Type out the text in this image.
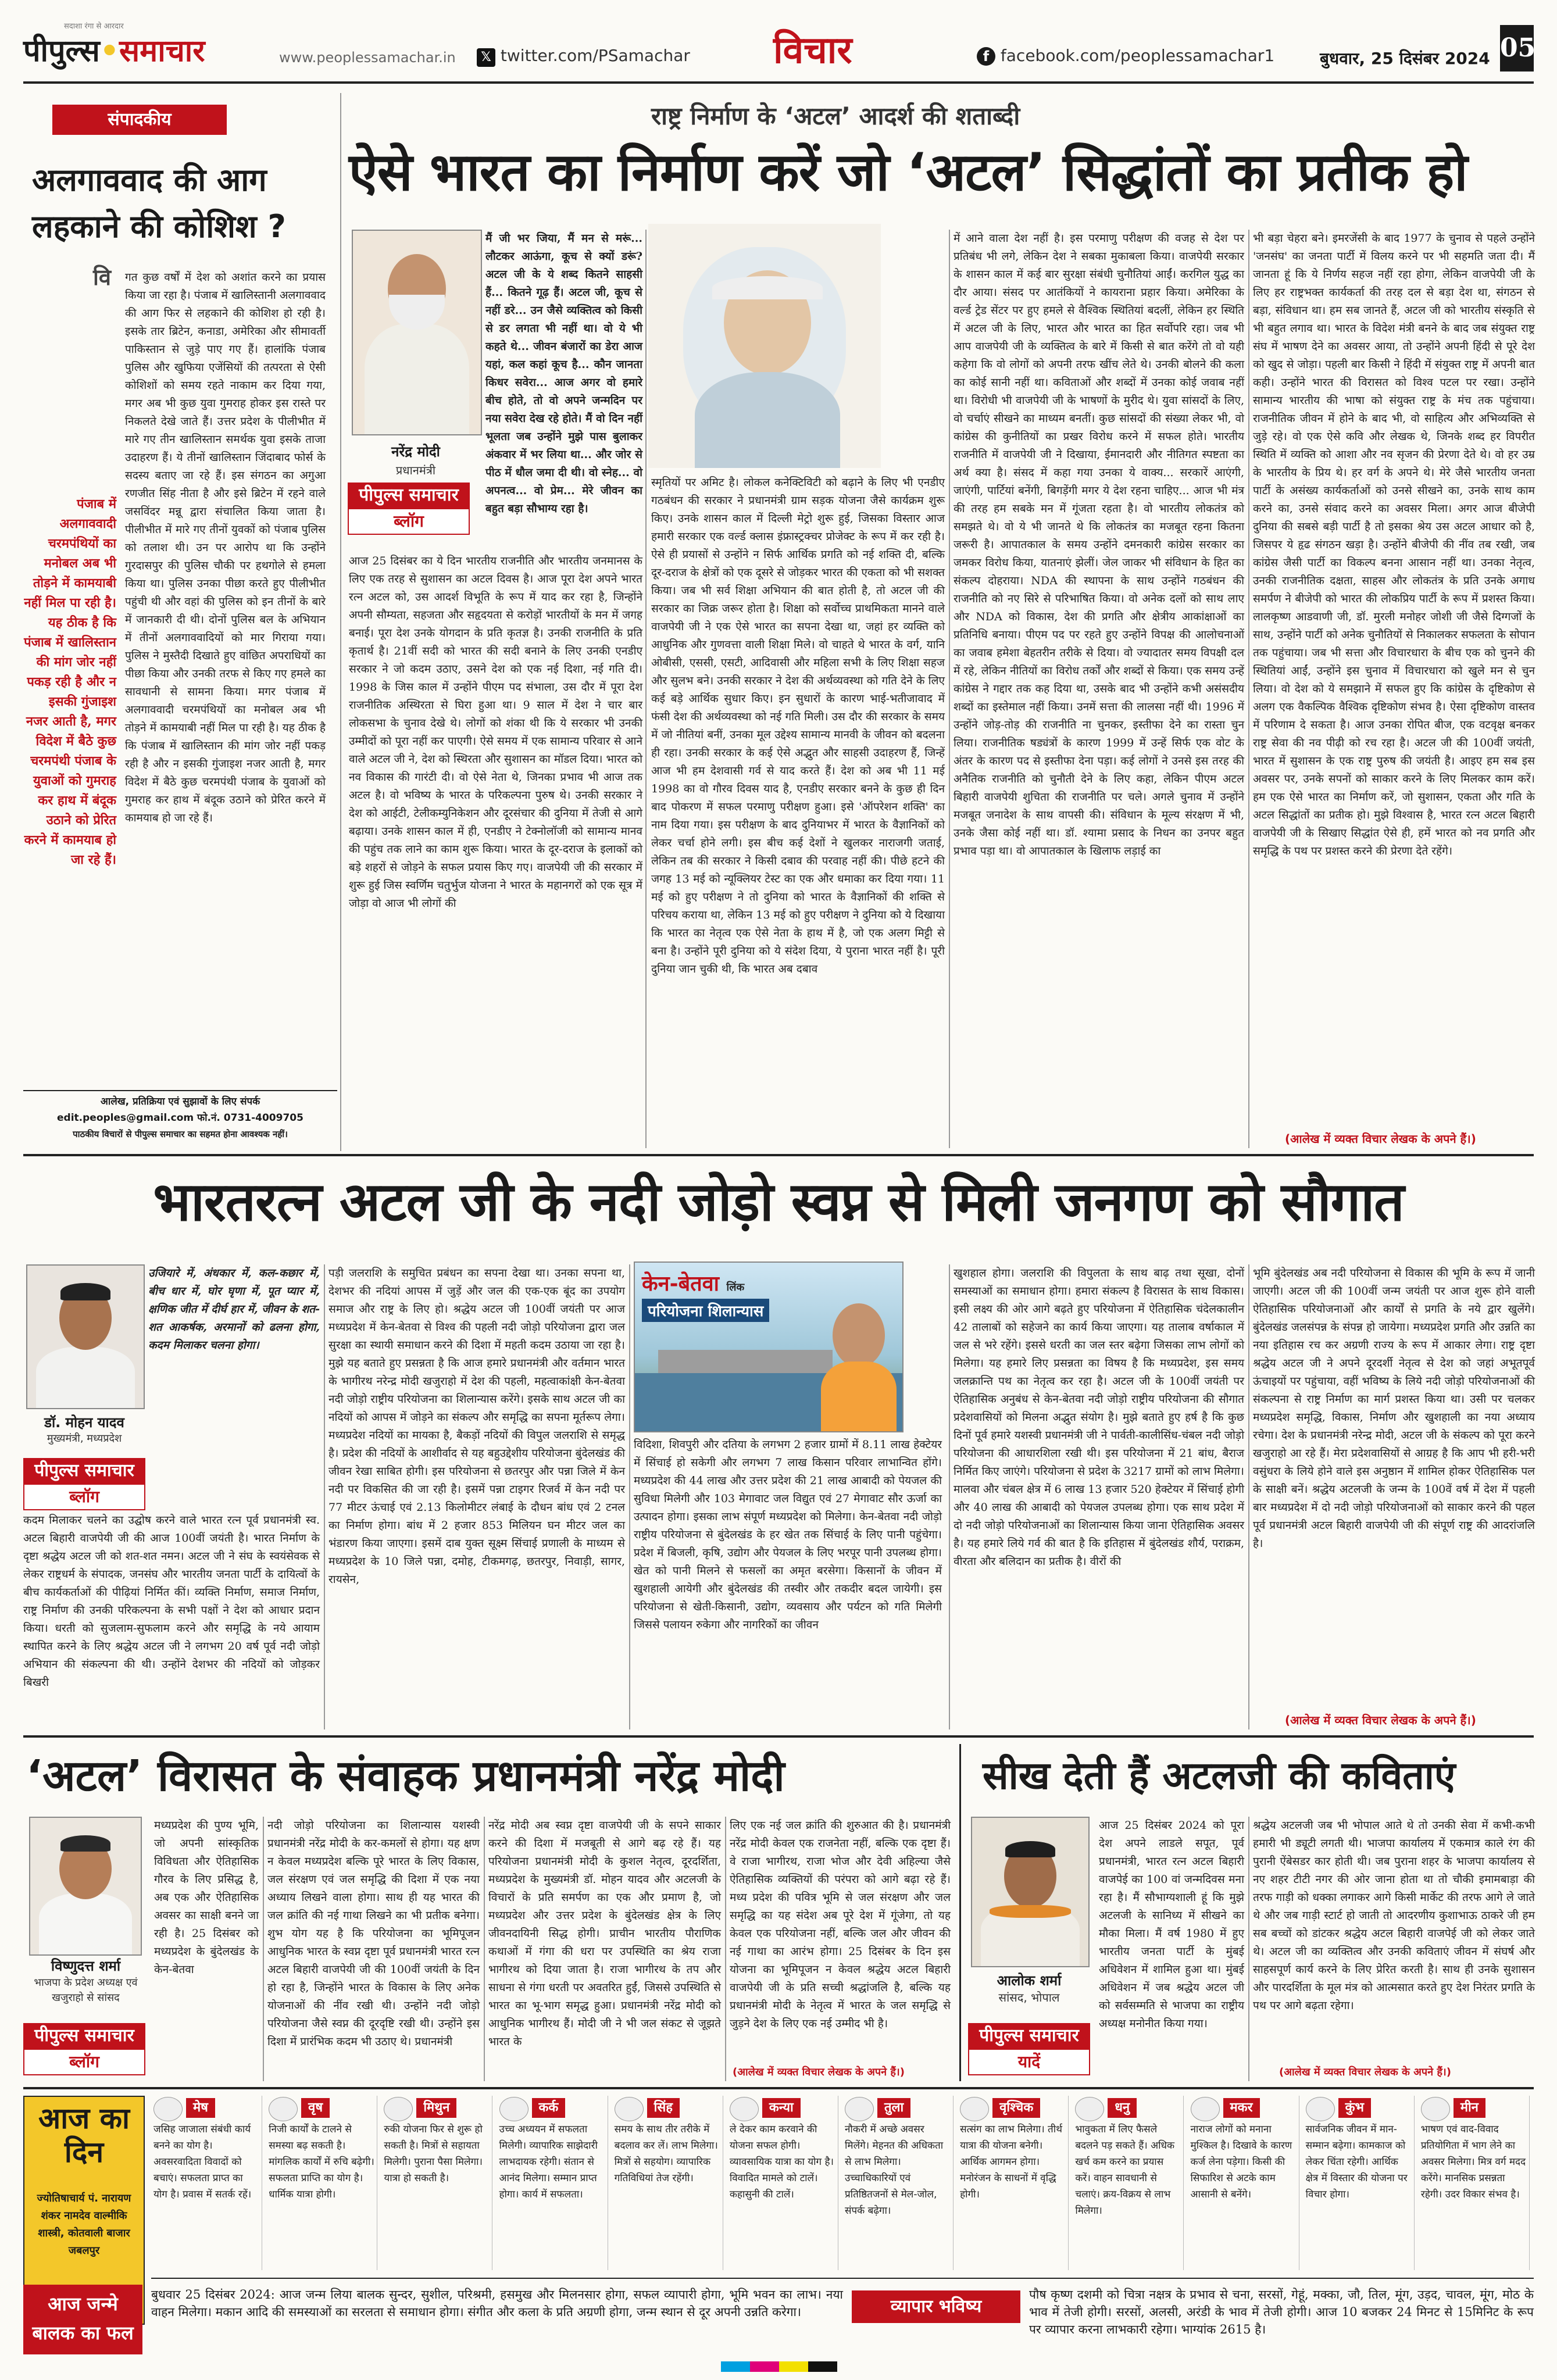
पीपुल्स•समाचार
सदाशा रंगा से आरदार
www.peoplessamachar.in	𝕏 twitter.com/PSamachar विचार	f facebook.com/peoplessamachar1	बुधवार, 25 दिसंबर 2024 05
संपादकीय
अलगाववाद की आग लहकाने की कोशिश ?
वि गत कुछ वर्षों में देश को अशांत करने का प्रयास किया जा रहा है। पंजाब में खालिस्तानी अलगाववाद की आग फिर से लहकाने की कोशिश हो रही है। इसके तार ब्रिटेन, कनाडा, अमेरिका और सीमावर्ती पाकिस्तान से जुड़े पाए गए हैं। हालांकि पंजाब पुलिस और खुफिया एजेंसियों की तत्परता से ऐसी कोशिशों को समय रहते नाकाम कर दिया गया, मगर अब भी कुछ युवा गुमराह होकर इस रास्ते पर निकलते देखे जाते हैं। उत्तर प्रदेश के पीलीभीत में मारे गए तीन खालिस्तान समर्थक युवा इसके ताजा उदाहरण हैं। ये तीनों खालिस्तान जिंदाबाद फोर्स के सदस्य बताए जा रहे हैं। इस संगठन का अगुआ रणजीत सिंह नीता है और इसे ब्रिटेन में रहने वाले जसविंदर मन्नू द्वारा संचालित किया जाता है। पीलीभीत में मारे गए तीनों युवकों को पंजाब पुलिस को तलाश थी। उन पर आरोप था कि उन्होंने गुरदासपुर की पुलिस चौकी पर हथगोले से हमला किया था। पुलिस उनका पीछा करते हुए पीलीभीत पहुंची थी और वहां की पुलिस को इन तीनों के बारे में जानकारी दी थी। दोनों पुलिस बल के अभियान में तीनों अलगाववादियों को मार गिराया गया। पुलिस ने मुस्तैदी दिखाते हुए वांछित अपराधियों का पीछा किया और उनकी तरफ से किए गए हमले का सावधानी से सामना किया। मगर पंजाब में अलगाववादी चरमपंथियों का मनोबल अब भी तोड़ने में कामयाबी नहीं मिल पा रही है। यह ठीक है कि पंजाब में खालिस्तान की मांग जोर नहीं पकड़ रही है और न इसकी गुंजाइश नजर आती है, मगर विदेश में बैठे कुछ चरमपंथी पंजाब के युवाओं को गुमराह कर हाथ में बंदूक उठाने को प्रेरित करने में कामयाब हो जा रहे हैं।
पंजाब में अलगाववादी चरमपंथियों का मनोबल अब भी तोड़ने में कामयाबी नहीं मिल पा रही है। यह ठीक है कि पंजाब में खालिस्तान की मांग जोर नहीं पकड़ रही है और न इसकी गुंजाइश नजर आती है, मगर विदेश में बैठे कुछ चरमपंथी पंजाब के युवाओं को गुमराह कर हाथ में बंदूक उठाने को प्रेरित करने में कामयाब हो जा रहे हैं।
आलेख, प्रतिक्रिया एवं सुझावों के लिए संपर्क
edit.peoples@gmail.com फो.नं. 0731-4009705
पाठकीय विचारों से पीपुल्स समाचार का सहमत होना आवश्यक नहीं।
राष्ट्र निर्माण के ‘अटल’ आदर्श की शताब्दी
ऐसे भारत का निर्माण करें जो ‘अटल’ सिद्धांतों का प्रतीक हो
नरेंद्र मोदी
प्रधानमंत्री
पीपुल्स समाचार
ब्लॉग
मैं जी भर जिया, मैं मन से मरूं... लौटकर आऊंगा, कूच से क्यों डरूं? अटल जी के ये शब्द कितने साहसी हैं... कितने गूढ़ हैं। अटल जी, कूच से नहीं डरे... उन जैसे व्यक्तित्व को किसी से डर लगता भी नहीं था। वो ये भी कहते थे... जीवन बंजारों का डेरा आज यहां, कल कहां कूच है... कौन जानता किधर सवेरा... आज अगर वो हमारे बीच होते, तो वो अपने जन्मदिन पर नया सवेरा देख रहे होते। मैं वो दिन नहीं भूलता जब उन्होंने मुझे पास बुलाकर अंकवार में भर लिया था... और जोर से पीठ में धौल जमा दी थी। वो स्नेह... वो अपनत्व... वो प्रेम... मेरे जीवन का बहुत बड़ा सौभाग्य रहा है।
आज 25 दिसंबर का ये दिन भारतीय राजनीति और भारतीय जनमानस के लिए एक तरह से सुशासन का अटल दिवस है। आज पूरा देश अपने भारत रत्न अटल को, उस आदर्श विभूति के रूप में याद कर रहा है, जिन्होंने अपनी सौम्यता, सहजता और सहृदयता से करोड़ों भारतीयों के मन में जगह बनाई। पूरा देश उनके योगदान के प्रति कृतज्ञ है। उनकी राजनीति के प्रति कृतार्थ है। 21वीं सदी को भारत की सदी बनाने के लिए उनकी एनडीए सरकार ने जो कदम उठाए, उसने देश को एक नई दिशा, नई गति दी। 1998 के जिस काल में उन्होंने पीएम पद संभाला, उस दौर में पूरा देश राजनीतिक अस्थिरता से घिरा हुआ था। 9 साल में देश ने चार बार लोकसभा के चुनाव देखे थे। लोगों को शंका थी कि ये सरकार भी उनकी उम्मीदों को पूरा नहीं कर पाएगी। ऐसे समय में एक सामान्य परिवार से आने वाले अटल जी ने, देश को स्थिरता और सुशासन का मॉडल दिया। भारत को नव विकास की गारंटी दी। वो ऐसे नेता थे, जिनका प्रभाव भी आज तक अटल है। वो भविष्य के भारत के परिकल्पना पुरुष थे। उनकी सरकार ने देश को आईटी, टेलीकम्युनिकेशन और दूरसंचार की दुनिया में तेजी से आगे बढ़ाया। उनके शासन काल में ही, एनडीए ने टेक्नोलॉजी को सामान्य मानव की पहुंच तक लाने का काम शुरू किया। भारत के दूर-दराज के इलाकों को बड़े शहरों से जोड़ने के सफल प्रयास किए गए। वाजपेयी जी की सरकार में शुरू हुई जिस स्वर्णिम चतुर्भुज योजना ने भारत के महानगरों को एक सूत्र में जोड़ा वो आज भी लोगों की
स्मृतियों पर अमिट है। लोकल कनेक्टिविटी को बढ़ाने के लिए भी एनडीए गठबंधन की सरकार ने प्रधानमंत्री ग्राम सड़क योजना जैसे कार्यक्रम शुरू किए। उनके शासन काल में दिल्ली मेट्रो शुरू हुई, जिसका विस्तार आज हमारी सरकार एक वर्ल्ड क्लास इंफ्रास्ट्रक्चर प्रोजेक्ट के रूप में कर रही है। ऐसे ही प्रयासों से उन्होंने न सिर्फ आर्थिक प्रगति को नई शक्ति दी, बल्कि दूर-दराज के क्षेत्रों को एक दूसरे से जोड़कर भारत की एकता को भी सशक्त किया। जब भी सर्व शिक्षा अभियान की बात होती है, तो अटल जी की सरकार का जिक्र जरूर होता है। शिक्षा को सर्वोच्च प्राथमिकता मानने वाले वाजपेयी जी ने एक ऐसे भारत का सपना देखा था, जहां हर व्यक्ति को आधुनिक और गुणवत्ता वाली शिक्षा मिले। वो चाहते थे भारत के वर्ग, यानि ओबीसी, एससी, एसटी, आदिवासी और महिला सभी के लिए शिक्षा सहज और सुलभ बने। उनकी सरकार ने देश की अर्थव्यवस्था को गति देने के लिए कई बड़े आर्थिक सुधार किए। इन सुधारों के कारण भाई-भतीजावाद में फंसी देश की अर्थव्यवस्था को नई गति मिली। उस दौर की सरकार के समय में जो नीतियां बनीं, उनका मूल उद्देश्य सामान्य मानवी के जीवन को बदलना ही रहा। उनकी सरकार के कई ऐसे अद्भुत और साहसी उदाहरण हैं, जिन्हें आज भी हम देशवासी गर्व से याद करते हैं। देश को अब भी 11 मई 1998 का वो गौरव दिवस याद है, एनडीए सरकार बनने के कुछ ही दिन बाद पोकरण में सफल परमाणु परीक्षण हुआ। इसे 'ऑपरेशन शक्ति' का नाम दिया गया। इस परीक्षण के बाद दुनियाभर में भारत के वैज्ञानिकों को लेकर चर्चा होने लगी। इस बीच कई देशों ने खुलकर नाराजगी जताई, लेकिन तब की सरकार ने किसी दबाव की परवाह नहीं की। पीछे हटने की जगह 13 मई को न्यूक्लियर टेस्ट का एक और धमाका कर दिया गया। 11 मई को हुए परीक्षण ने तो दुनिया को भारत के वैज्ञानिकों की शक्ति से परिचय कराया था, लेकिन 13 मई को हुए परीक्षण ने दुनिया को ये दिखाया कि भारत का नेतृत्व एक ऐसे नेता के हाथ में है, जो एक अलग मिट्टी से बना है। उन्होंने पूरी दुनिया को ये संदेश दिया, ये पुराना भारत नहीं है। पूरी दुनिया जान चुकी थी, कि भारत अब दबाव
में आने वाला देश नहीं है। इस परमाणु परीक्षण की वजह से देश पर प्रतिबंध भी लगे, लेकिन देश ने सबका मुकाबला किया। वाजपेयी सरकार के शासन काल में कई बार सुरक्षा संबंधी चुनौतियां आईं। करगिल युद्ध का दौर आया। संसद पर आतंकियों ने कायराना प्रहार किया। अमेरिका के वर्ल्ड ट्रेड सेंटर पर हुए हमले से वैश्विक स्थितियां बदलीं, लेकिन हर स्थिति में अटल जी के लिए, भारत और भारत का हित सर्वोपरि रहा। जब भी आप वाजपेयी जी के व्यक्तित्व के बारे में किसी से बात करेंगे तो वो यही कहेगा कि वो लोगों को अपनी तरफ खींच लेते थे। उनकी बोलने की कला का कोई सानी नहीं था। कविताओं और शब्दों में उनका कोई जवाब नहीं था। विरोधी भी वाजपेयी जी के भाषणों के मुरीद थे। युवा सांसदों के लिए, वो चर्चाएं सीखने का माध्यम बनतीं। कुछ सांसदों की संख्या लेकर भी, वो कांग्रेस की कुनीतियों का प्रखर विरोध करने में सफल होते। भारतीय राजनीति में वाजपेयी जी ने दिखाया, ईमानदारी और नीतिगत स्पष्टता का अर्थ क्या है। संसद में कहा गया उनका ये वाक्य... सरकारें आएंगी, जाएंगी, पार्टियां बनेंगी, बिगड़ेंगी मगर ये देश रहना चाहिए... आज भी मंत्र की तरह हम सबके मन में गूंजता रहता है। वो भारतीय लोकतंत्र को समझते थे। वो ये भी जानते थे कि लोकतंत्र का मजबूत रहना कितना जरूरी है। आपातकाल के समय उन्होंने दमनकारी कांग्रेस सरकार का जमकर विरोध किया, यातनाएं झेलीं। जेल जाकर भी संविधान के हित का संकल्प दोहराया। NDA की स्थापना के साथ उन्होंने गठबंधन की राजनीति को नए सिरे से परिभाषित किया। वो अनेक दलों को साथ लाए और NDA को विकास, देश की प्रगति और क्षेत्रीय आकांक्षाओं का प्रतिनिधि बनाया। पीएम पद पर रहते हुए उन्होंने विपक्ष की आलोचनाओं का जवाब हमेशा बेहतरीन तरीके से दिया। वो ज्यादातर समय विपक्षी दल में रहे, लेकिन नीतियों का विरोध तर्कों और शब्दों से किया। एक समय उन्हें कांग्रेस ने गद्दार तक कह दिया था, उसके बाद भी उन्होंने कभी असंसदीय शब्दों का इस्तेमाल नहीं किया। उनमें सत्ता की लालसा नहीं थी। 1996 में उन्होंने जोड़-तोड़ की राजनीति ना चुनकर, इस्तीफा देने का रास्ता चुन लिया। राजनीतिक षड्यंत्रों के कारण 1999 में उन्हें सिर्फ एक वोट के अंतर के कारण पद से इस्तीफा देना पड़ा। कई लोगों ने उनसे इस तरह की अनैतिक राजनीति को चुनौती देने के लिए कहा, लेकिन पीएम अटल बिहारी वाजपेयी शुचिता की राजनीति पर चले। अगले चुनाव में उन्होंने मजबूत जनादेश के साथ वापसी की। संविधान के मूल्य संरक्षण में भी, उनके जैसा कोई नहीं था। डॉ. श्यामा प्रसाद के निधन का उनपर बहुत प्रभाव पड़ा था। वो आपातकाल के खिलाफ लड़ाई का
भी बड़ा चेहरा बने। इमरजेंसी के बाद 1977 के चुनाव से पहले उन्होंने 'जनसंघ' का जनता पार्टी में विलय करने पर भी सहमति जता दी। मैं जानता हूं कि ये निर्णय सहज नहीं रहा होगा, लेकिन वाजपेयी जी के लिए हर राष्ट्रभक्त कार्यकर्ता की तरह दल से बड़ा देश था, संगठन से बड़ा, संविधान था। हम सब जानते हैं, अटल जी को भारतीय संस्कृति से भी बहुत लगाव था। भारत के विदेश मंत्री बनने के बाद जब संयुक्त राष्ट्र संघ में भाषण देने का अवसर आया, तो उन्होंने अपनी हिंदी से पूरे देश को खुद से जोड़ा। पहली बार किसी ने हिंदी में संयुक्त राष्ट्र में अपनी बात कही। उन्होंने भारत की विरासत को विश्व पटल पर रखा। उन्होंने सामान्य भारतीय की भाषा को संयुक्त राष्ट्र के मंच तक पहुंचाया। राजनीतिक जीवन में होने के बाद भी, वो साहित्य और अभिव्यक्ति से जुड़े रहे। वो एक ऐसे कवि और लेखक थे, जिनके शब्द हर विपरीत स्थिति में व्यक्ति को आशा और नव सृजन की प्रेरणा देते थे। वो हर उम्र के भारतीय के प्रिय थे। हर वर्ग के अपने थे। मेरे जैसे भारतीय जनता पार्टी के असंख्य कार्यकर्ताओं को उनसे सीखने का, उनके साथ काम करने का, उनसे संवाद करने का अवसर मिला। अगर आज बीजेपी दुनिया की सबसे बड़ी पार्टी है तो इसका श्रेय उस अटल आधार को है, जिसपर ये हृढ संगठन खड़ा है। उन्होंने बीजेपी की नींव तब रखी, जब कांग्रेस जैसी पार्टी का विकल्प बनना आसान नहीं था। उनका नेतृत्व, उनकी राजनीतिक दक्षता, साहस और लोकतंत्र के प्रति उनके अगाध समर्पण ने बीजेपी को भारत की लोकप्रिय पार्टी के रूप में प्रशस्त किया। लालकृष्ण आडवाणी जी, डॉ. मुरली मनोहर जोशी जी जैसे दिग्गजों के साथ, उन्होंने पार्टी को अनेक चुनौतियों से निकालकर सफलता के सोपान तक पहुंचाया। जब भी सत्ता और विचारधारा के बीच एक को चुनने की स्थितियां आईं, उन्होंने इस चुनाव में विचारधारा को खुले मन से चुन लिया। वो देश को ये समझाने में सफल हुए कि कांग्रेस के दृष्टिकोण से अलग एक वैकल्पिक वैश्विक दृष्टिकोण संभव है। ऐसा दृष्टिकोण वास्तव में परिणाम दे सकता है। आज उनका रोपित बीज, एक वटवृक्ष बनकर राष्ट्र सेवा की नव पीढ़ी को रच रहा है। अटल जी की 100वीं जयंती, भारत में सुशासन के एक राष्ट्र पुरुष की जयंती है। आइए हम सब इस अवसर पर, उनके सपनों को साकार करने के लिए मिलकर काम करें। हम एक ऐसे भारत का निर्माण करें, जो सुशासन, एकता और गति के अटल सिद्धांतों का प्रतीक हो। मुझे विश्वास है, भारत रत्न अटल बिहारी वाजपेयी जी के सिखाए सिद्धांत ऐसे ही, हमें भारत को नव प्रगति और समृद्धि के पथ पर प्रशस्त करने की प्रेरणा देते रहेंगे।
(आलेख में व्यक्त विचार लेखक के अपने हैं।)
भारतरत्न अटल जी के नदी जोड़ो स्वप्न से मिली जनगण को सौगात
डॉ. मोहन यादव
मुख्यमंत्री, मध्यप्रदेश
उजियारे में, अंधकार में, कल-कछार में, बीच धार में, घोर घृणा में, पूत प्यार में, क्षणिक जीत में दीर्घ हार में, जीवन के शत-शत आकर्षक, अरमानों को ढलना होगा, कदम मिलाकर चलना होगा।
पीपुल्स समाचार
ब्लॉग
कदम मिलाकर चलने का उद्घोष करने वाले भारत रत्न पूर्व प्रधानमंत्री स्व. अटल बिहारी वाजपेयी जी की आज 100वीं जयंती है। भारत निर्माण के दृष्टा श्रद्धेय अटल जी को शत-शत नमन। अटल जी ने संघ के स्वयंसेवक से लेकर राष्ट्रधर्म के संपादक, जनसंघ और भारतीय जनता पार्टी के दायित्वों के बीच कार्यकर्ताओं की पीढ़ियां निर्मित कीं। व्यक्ति निर्माण, समाज निर्माण, राष्ट्र निर्माण की उनकी परिकल्पना के सभी पक्षों ने देश को आधार प्रदान किया। धरती को सुजलाम-सुफलाम करने और समृद्धि के नये आयाम स्थापित करने के लिए श्रद्धेय अटल जी ने लगभग 20 वर्ष पूर्व नदी जोड़ो अभियान की संकल्पना की थी। उन्होंने देशभर की नदियों को जोड़कर बिखरी
पड़ी जलराशि के समुचित प्रबंधन का सपना देखा था। उनका सपना था, देशभर की नदियां आपस में जुड़ें और जल की एक-एक बूंद का उपयोग समाज और राष्ट्र के लिए हो। श्रद्धेय अटल जी 100वीं जयंती पर आज मध्यप्रदेश में केन-बेतवा से विश्व की पहली नदी जोड़ो परियोजना द्वारा जल सुरक्षा का स्थायी समाधान करने की दिशा में महती कदम उठाया जा रहा है। मुझे यह बताते हुए प्रसन्नता है कि आज हमारे प्रधानमंत्री और वर्तमान भारत के भागीरथ नरेन्द्र मोदी खजुराहो में देश की पहली, महत्वाकांक्षी केन-बेतवा नदी जोड़ो राष्ट्रीय परियोजना का शिलान्यास करेंगे। इसके साथ अटल जी का नदियों को आपस में जोड़ने का संकल्प और समृद्धि का सपना मूर्तरूप लेगा। मध्यप्रदेश नदियों का मायका है, बैकड़ों नदियों की विपुल जलराशि से समृद्ध है। प्रदेश की नदियों के आशीर्वाद से यह बहुउद्देशीय परियोजना बुंदेलखंड की जीवन रेखा साबित होगी। इस परियोजना से छतरपुर और पन्ना जिले में केन नदी पर विकसित की जा रही है। इसमें पन्ना टाइगर रिजर्व में केन नदी पर 77 मीटर ऊंचाई एवं 2.13 किलोमीटर लंबाई के दौधन बांध एवं 2 टनल का निर्माण होगा। बांध में 2 हजार 853 मिलियन घन मीटर जल का भंडारण किया जाएगा। इसमें दाब युक्त सूक्ष्म सिंचाई प्रणाली के माध्यम से मध्यप्रदेश के 10 जिले पन्ना, दमोह, टीकमगढ़, छतरपुर, निवाड़ी, सागर, रायसेन,
केन-बेतवा लिंक
परियोजना शिलान्यास
विदिशा, शिवपुरी और दतिया के लगभग 2 हजार ग्रामों में 8.11 लाख हेक्टेयर में सिंचाई हो सकेगी और लगभग 7 लाख किसान परिवार लाभान्वित होंगे। मध्यप्रदेश की 44 लाख और उत्तर प्रदेश की 21 लाख आबादी को पेयजल की सुविधा मिलेगी और 103 मेगावाट जल विद्युत एवं 27 मेगावाट सौर ऊर्जा का उत्पादन होगा। इसका लाभ संपूर्ण मध्यप्रदेश को मिलेगा। केन-बेतवा नदी जोड़ो राष्ट्रीय परियोजना से बुंदेलखंड के हर खेत तक सिंचाई के लिए पानी पहुंचेगा। प्रदेश में बिजली, कृषि, उद्योग और पेयजल के लिए भरपूर पानी उपलब्ध होगा। खेत को पानी मिलने से फसलों का अमृत बरसेगा। किसानों के जीवन में खुशहाली आयेगी और बुंदेलखंड की तस्वीर और तकदीर बदल जायेगी। इस परियोजना से खेती-किसानी, उद्योग, व्यवसाय और पर्यटन को गति मिलेगी जिससे पलायन रुकेगा और नागरिकों का जीवन
खुशहाल होगा। जलराशि की विपुलता के साथ बाढ़ तथा सूखा, दोनों समस्याओं का समाधान होगा। हमारा संकल्प है विरासत के साथ विकास। इसी लक्ष्य की ओर आगे बढ़ते हुए परियोजना में ऐतिहासिक चंदेलकालीन 42 तालाबों को सहेजने का कार्य किया जाएगा। यह तालाब वर्षाकाल में जल से भरे रहेंगे। इससे धरती का जल स्तर बढ़ेगा जिसका लाभ लोगों को मिलेगा। यह हमारे लिए प्रसन्नता का विषय है कि मध्यप्रदेश, इस समय जलक्रान्ति पथ का नेतृत्व कर रहा है। अटल जी के 100वीं जयंती पर ऐतिहासिक अनुबंध से केन-बेतवा नदी जोड़ो राष्ट्रीय परियोजना की सौगात प्रदेशवासियों को मिलना अद्भुत संयोग है। मुझे बताते हुए हर्ष है कि कुछ दिनों पूर्व हमारे यशस्वी प्रधानमंत्री जी ने पार्वती-कालीसिंध-चंबल नदी जोड़ो परियोजना की आधारशिला रखी थी। इस परियोजना में 21 बांध, बैराज निर्मित किए जाएंगे। परियोजना से प्रदेश के 3217 ग्रामों को लाभ मिलेगा। मालवा और चंबल क्षेत्र में 6 लाख 13 हजार 520 हेक्टेयर में सिंचाई होगी और 40 लाख की आबादी को पेयजल उपलब्ध होगा। एक साथ प्रदेश में दो नदी जोड़ो परियोजनाओं का शिलान्यास किया जाना ऐतिहासिक अवसर है। यह हमारे लिये गर्व की बात है कि इतिहास में बुंदेलखंड शौर्य, पराक्रम, वीरता और बलिदान का प्रतीक है। वीरों की
भूमि बुंदेलखंड अब नदी परियोजना से विकास की भूमि के रूप में जानी जाएगी। अटल जी की 100वीं जन्म जयंती पर आज शुरू होने वाली ऐतिहासिक परियोजनाओं और कार्यों से प्रगति के नये द्वार खुलेंगे। बुंदेलखंड जलसंपन्न के संपन्न हो जायेगा। मध्यप्रदेश प्रगति और उन्नति का नया इतिहास रच कर अग्रणी राज्य के रूप में आकार लेगा। राष्ट्र दृष्टा श्रद्धेय अटल जी ने अपने दूरदर्शी नेतृत्व से देश को जहां अभूतपूर्व ऊंचाइयों पर पहुंचाया, वहीं भविष्य के लिये नदी जोड़ो परियोजनाओं की संकल्पना से राष्ट्र निर्माण का मार्ग प्रशस्त किया था। उसी पर चलकर मध्यप्रदेश समृद्धि, विकास, निर्माण और खुशहाली का नया अध्याय रचेगा। देश के प्रधानमंत्री नरेन्द्र मोदी, अटल जी के संकल्प को पूरा करने खजुराहो आ रहे हैं। मेरा प्रदेशवासियों से आग्रह है कि आप भी हरी-भरी वसुंधरा के लिये होने वाले इस अनुष्ठान में शामिल होकर ऐतिहासिक पल के साक्षी बनें। श्रद्धेय अटलजी के जन्म के 100वें वर्ष में देश में पहली बार मध्यप्रदेश में दो नदी जोड़ो परियोजनाओं को साकार करने की पहल पूर्व प्रधानमंत्री अटल बिहारी वाजपेयी जी की संपूर्ण राष्ट्र की आदरांजलि है।
(आलेख में व्यक्त विचार लेखक के अपने हैं।)
‘अटल’ विरासत के संवाहक प्रधानमंत्री नरेंद्र मोदी
विष्णुदत्त शर्मा
भाजपा के प्रदेश अध्यक्ष एवं खजुराहो से सांसद
पीपुल्स समाचार
ब्लॉग
मध्यप्रदेश की पुण्य भूमि, जो अपनी सांस्कृतिक विविधता और ऐतिहासिक गौरव के लिए प्रसिद्ध है, अब एक और ऐतिहासिक अवसर का साक्षी बनने जा रही है। 25 दिसंबर को मध्यप्रदेश के बुंदेलखंड के केन-बेतवा
नदी जोड़ो परियोजना का शिलान्यास यशस्वी प्रधानमंत्री नरेंद्र मोदी के कर-कमलों से होगा। यह क्षण न केवल मध्यप्रदेश बल्कि पूरे भारत के लिए विकास, जल संरक्षण एवं जल समृद्धि की दिशा में एक नया अध्याय लिखने वाला होगा। साथ ही यह भारत की जल क्रांति की नई गाथा लिखने का भी प्रतीक बनेगा। शुभ योग यह है कि परियोजना का भूमिपूजन आधुनिक भारत के स्वप्न दृष्टा पूर्व प्रधानमंत्री भारत रत्न अटल बिहारी वाजपेयी जी की 100वीं जयंती के दिन हो रहा है, जिन्होंने भारत के विकास के लिए अनेक योजनाओं की नींव रखी थी। उन्होंने नदी जोड़ो परियोजना जैसे स्वप्न की दूरदृष्टि रखी थी। उन्होंने इस दिशा में प्रारंभिक कदम भी उठाए थे। प्रधानमंत्री
नरेंद्र मोदी अब स्वप्न दृष्टा वाजपेयी जी के सपने साकार करने की दिशा में मजबूती से आगे बढ़ रहे हैं। यह परियोजना प्रधानमंत्री मोदी के कुशल नेतृत्व, दूरदर्शिता, मध्यप्रदेश के मुख्यमंत्री डॉ. मोहन यादव और अटलजी के विचारों के प्रति समर्पण का एक और प्रमाण है, जो मध्यप्रदेश और उत्तर प्रदेश के बुंदेलखंड क्षेत्र के लिए जीवनदायिनी सिद्ध होगी। प्राचीन भारतीय पौराणिक कथाओं में गंगा की धरा पर उपस्थिति का श्रेय राजा भागीरथ को दिया जाता है। राजा भागीरथ के तप और साधना से गंगा धरती पर अवतरित हुईं, जिससे उपस्थिति से भारत का भू-भाग समृद्ध हुआ। प्रधानमंत्री नरेंद्र मोदी को आधुनिक भागीरथ हैं। मोदी जी ने भी जल संकट से जूझते भारत के
लिए एक नई जल क्रांति की शुरुआत की है। प्रधानमंत्री नरेंद्र मोदी केवल एक राजनेता नहीं, बल्कि एक दृष्टा हैं। वे राजा भागीरथ, राजा भोज और देवी अहिल्या जैसे ऐतिहासिक व्यक्तियों की परंपरा को आगे बढ़ा रहे हैं। मध्य प्रदेश की पवित्र भूमि से जल संरक्षण और जल समृद्धि का यह संदेश अब पूरे देश में गूंजेगा, तो यह केवल एक परियोजना नहीं, बल्कि जल और जीवन की नई गाथा का आरंभ होगा। 25 दिसंबर के दिन इस योजना का भूमिपूजन न केवल श्रद्धेय अटल बिहारी वाजपेयी जी के प्रति सच्ची श्रद्धांजलि है, बल्कि यह प्रधानमंत्री मोदी के नेतृत्व में भारत के जल समृद्धि से जुड़ने देश के लिए एक नई उम्मीद भी है।
(आलेख में व्यक्त विचार लेखक के अपने हैं।)
सीख देती हैं अटलजी की कविताएं
आलोक शर्मा
सांसद, भोपाल
पीपुल्स समाचार
यादें
आज 25 दिसंबर 2024 को पूरा देश अपने लाडले सपूत, पूर्व प्रधानमंत्री, भारत रत्न अटल बिहारी वाजपेई का 100 वां जन्मदिवस मना रहा है। मैं सौभाग्यशाली हूं कि मुझे अटलजी के सानिध्य में सीखने का मौका मिला। मैं वर्ष 1980 में हुए भारतीय जनता पार्टी के मुंबई अधिवेशन में शामिल हुआ था। मुंबई अधिवेशन में जब श्रद्धेय अटल जी को सर्वसम्मति से भाजपा का राष्ट्रीय अध्यक्ष मनोनीत किया गया।
श्रद्धेय अटलजी जब भी भोपाल आते थे तो उनकी सेवा में कभी-कभी हमारी भी ड्यूटी लगती थी। भाजपा कार्यालय में एकमात्र काले रंग की पुरानी ऐंबेसडर कार होती थी। जब पुराना शहर के भाजपा कार्यालय से नए शहर टीटी नगर की ओर जाना होता था तो चौकी इमामबाड़ा की तरफ गाड़ी को धक्का लगाकर आगे किसी मार्केट की तरफ आगे ले जाते थे और जब गाड़ी स्टार्ट हो जाती तो आदरणीय कुशाभाऊ ठाकरे जी हम सब बच्चों को डांटकर श्रद्धेय अटल बिहारी वाजपेई जी को लेकर जाते थे। अटल जी का व्यक्तित्व और उनकी कविताएं जीवन में संघर्ष और साहसपूर्ण कार्य करने के लिए प्रेरित करती है। साथ ही उनके सुशासन और पारदर्शिता के मूल मंत्र को आत्मसात करते हुए देश निरंतर प्रगति के पथ पर आगे बढ़ता रहेगा।
(आलेख में व्यक्त विचार लेखक के अपने हैं।)
आज का
दिन
ज्योतिषाचार्य पं. नारायण शंकर नामदेव वाल्मीकि शास्त्री, कोतवाली बाजार जबलपुर
मेष
जसिह जाजाला संबंधी कार्य बनने का योग है। अवसरवादिता विवादों को बचाएं। सफलता प्राप्त का योग है। प्रवास में सतर्क रहें।
वृष
निजी कार्यों के टालने से समस्या बढ़ सकती है। मांगलिक कार्यों में रुचि बढ़ेगी। सफलता प्राप्ति का योग है। धार्मिक यात्रा होगी।
मिथुन
रुकी योजना फिर से शुरू हो सकती है। मित्रों से सहायता मिलेगी। पुराना पैसा मिलेगा। यात्रा हो सकती है।
कर्क
उच्च अध्ययन में सफलता मिलेगी। व्यापारिक साझेदारी लाभदायक रहेगी। संतान से आनंद मिलेगा। सम्मान प्राप्त होगा। कार्य में सफलता।
सिंह
समय के साथ तीर तरीके में बदलाव कर लें। लाभ मिलेगा। मित्रों से सहयोग। व्यापारिक गतिविधियां तेज रहेंगी।
कन्या
ले देकर काम करवाने की योजना सफल होगी। व्यावसायिक यात्रा का योग है। विवादित मामले को टालें। कहासुनी की टालें।
तुला
नौकरी में अच्छे अवसर मिलेंगे। मेहनत की अधिकता से लाभ मिलेगा। उच्चाधिकारियों एवं प्रतिष्ठितजनों से मेल-जोल, संपर्क बढ़ेगा।
वृश्चिक
सत्संग का लाभ मिलेगा। तीर्थ यात्रा की योजना बनेगी। आर्थिक आगमन होगा। मनोरंजन के साधनों में वृद्धि होगी।
धनु
भावुकता में लिए फैसले बदलने पड़ सकते हैं। अधिक खर्च कम करने का प्रयास करें। वाहन सावधानी से चलाएं। क्रय-विक्रय से लाभ मिलेगा।
मकर
नाराज लोगों को मनाना मुश्किल है। दिखावे के कारण कर्ज लेना पड़ेगा। किसी की सिफारिश से अटके काम आसानी से बनेंगे।
कुंभ
सार्वजनिक जीवन में मान-सम्मान बढ़ेगा। कामकाज को लेकर चिंता रहेगी। आर्थिक क्षेत्र में विस्तार की योजना पर विचार होगा।
मीन
भाषण एवं वाद-विवाद प्रतियोगिता में भाग लेने का अवसर मिलेगा। मित्र वर्ग मदद करेंगे। मानसिक प्रसन्नता रहेगी। उदर विकार संभव है।
आज जन्मे
बालक का फल
बुधवार 25 दिसंबर 2024: आज जन्म लिया बालक सुन्दर, सुशील, परिश्रमी, हसमुख और मिलनसार होगा, सफल व्यापारी होगा, भूमि भवन का लाभ। नया वाहन मिलेगा। मकान आदि की समस्याओं का सरलता से समाधान होगा। संगीत और कला के प्रति अग्रणी होगा, जन्म स्थान से दूर अपनी उन्नति करेगा।	व्यापार भविष्य
पौष कृष्ण दशमी को चित्रा नक्षत्र के प्रभाव से चना, सरसों, गेहूं, मक्का, जौ, तिल, मूंग, उड़द, चावल, मूंग, मोठ के भाव में तेजी होगी। सरसों, अलसी, अरंडी के भाव में तेजी होगी। आज 10 बजकर 24 मिनट से 15मिनिट के रूप पर व्यापार करना लाभकारी रहेगा। भाग्यांक 2615 है।
